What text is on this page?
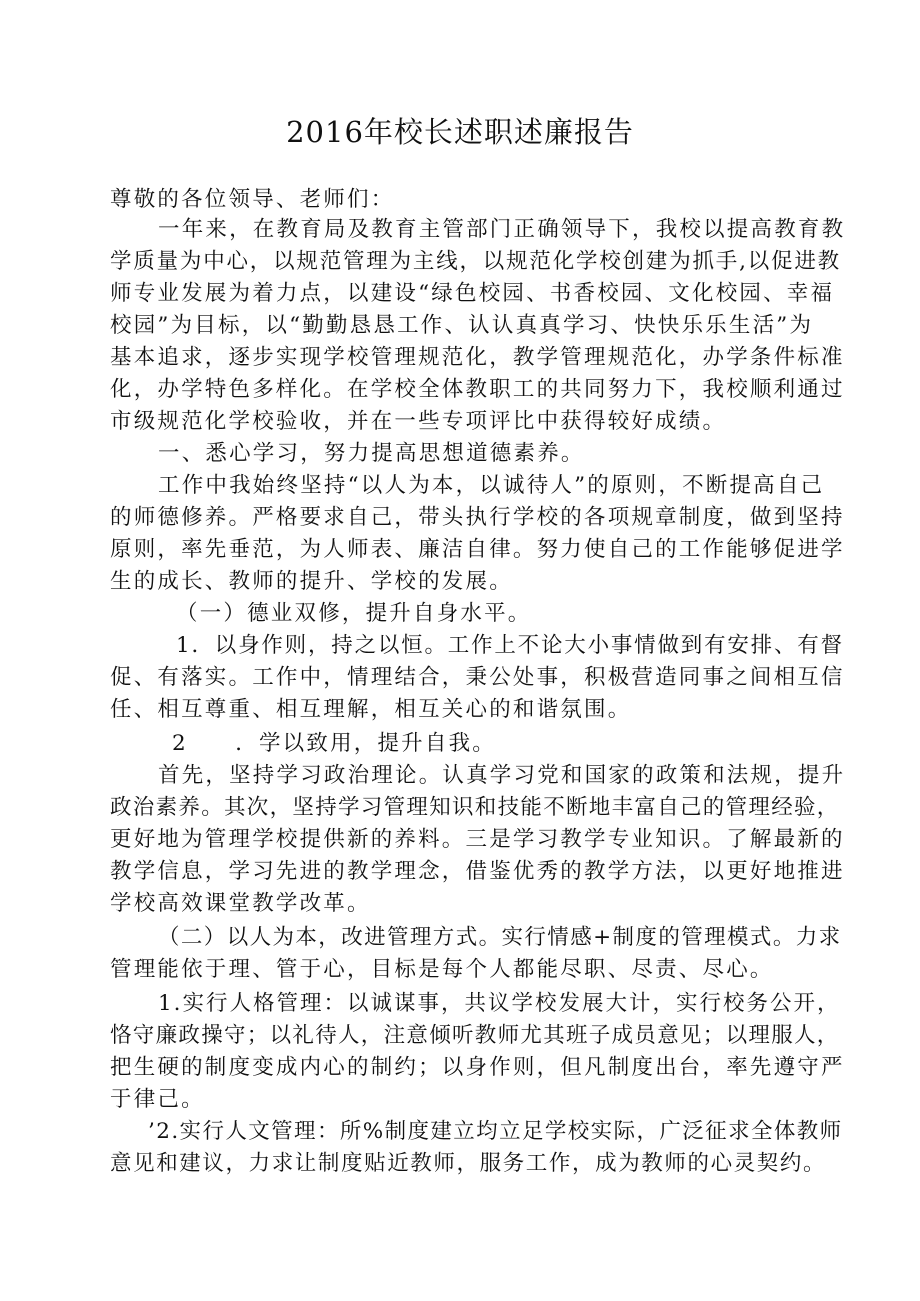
2016年校长述职述廉报告
尊敬的各位领导、老师们：
一年来，在教育局及教育主管部门正确领导下，我校以提高教育教
学质量为中心，以规范管理为主线，以规范化学校创建为抓手,以促进教
师专业发展为着力点，以建设“绿色校园、书香校园、文化校园、幸福
校园”为目标，以“勤勤恳恳工作、认认真真学习、快快乐乐生活”为
基本追求，逐步实现学校管理规范化，教学管理规范化，办学条件标准
化，办学特色多样化。在学校全体教职工的共同努力下，我校顺利通过
市级规范化学校验收，并在一些专项评比中获得较好成绩。
一、悉心学习，努力提高思想道德素养。
工作中我始终坚持“以人为本，以诚待人”的原则，不断提高自己
的师德修养。严格要求自己，带头执行学校的各项规章制度，做到坚持
原则，率先垂范，为人师表、廉洁自律。努力使自己的工作能够促进学
生的成长、教师的提升、学校的发展。
（一）德业双修，提升自身水平。
1．以身作则，持之以恒。工作上不论大小事情做到有安排、有督
促、有落实。工作中，情理结合，秉公处事，积极营造同事之间相互信
任、相互尊重、相互理解，相互关心的和谐氛围。
2　　．学以致用，提升自我。
首先，坚持学习政治理论。认真学习党和国家的政策和法规，提升
政治素养。其次，坚持学习管理知识和技能不断地丰富自己的管理经验，
更好地为管理学校提供新的养料。三是学习教学专业知识。了解最新的
教学信息，学习先进的教学理念，借鉴优秀的教学方法，以更好地推进
学校高效课堂教学改革。
（二）以人为本，改进管理方式。实行情感+制度的管理模式。力求
管理能依于理、管于心，目标是每个人都能尽职、尽责、尽心。
1.实行人格管理：以诚谋事，共议学校发展大计，实行校务公开，
恪守廉政操守；以礼待人，注意倾听教师尤其班子成员意见；以理服人，
把生硬的制度变成内心的制约；以身作则，但凡制度出台，率先遵守严
于律己。
’2.实行人文管理：所%制度建立均立足学校实际，广泛征求全体教师
意见和建议，力求让制度贴近教师，服务工作，成为教师的心灵契约。
